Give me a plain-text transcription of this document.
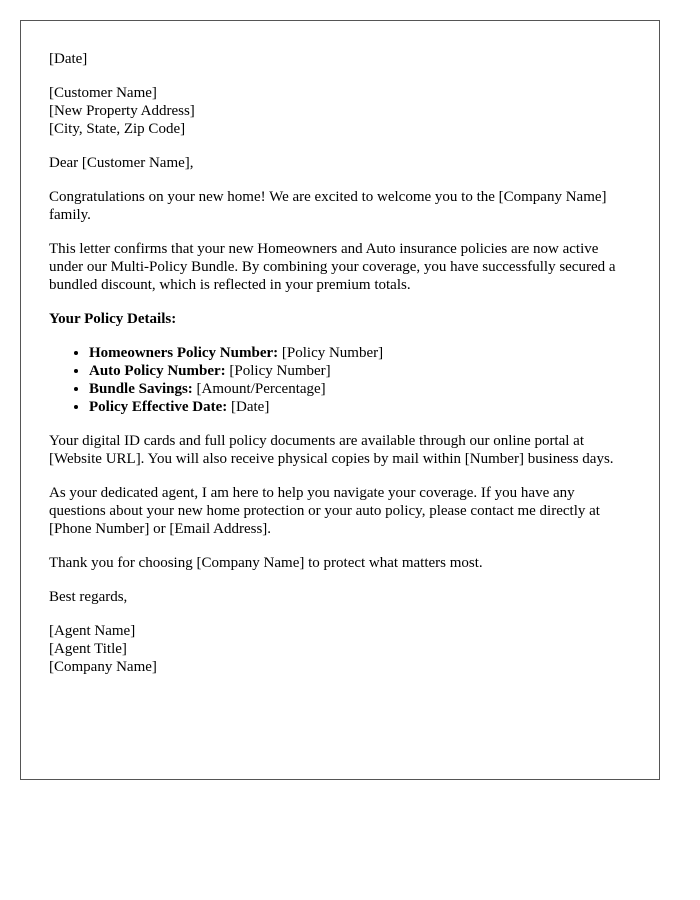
[Date]

[Customer Name]
[New Property Address]
[City, State, Zip Code]

Dear [Customer Name],

Congratulations on your new home! We are excited to welcome you to the [Company Name] family.

This letter confirms that your new Homeowners and Auto insurance policies are now active under our Multi-Policy Bundle. By combining your coverage, you have successfully secured a bundled discount, which is reflected in your premium totals.

Your Policy Details:

• Homeowners Policy Number: [Policy Number]
• Auto Policy Number: [Policy Number]
• Bundle Savings: [Amount/Percentage]
• Policy Effective Date: [Date]

Your digital ID cards and full policy documents are available through our online portal at [Website URL]. You will also receive physical copies by mail within [Number] business days.

As your dedicated agent, I am here to help you navigate your coverage. If you have any questions about your new home protection or your auto policy, please contact me directly at [Phone Number] or [Email Address].

Thank you for choosing [Company Name] to protect what matters most.

Best regards,

[Agent Name]
[Agent Title]
[Company Name]
